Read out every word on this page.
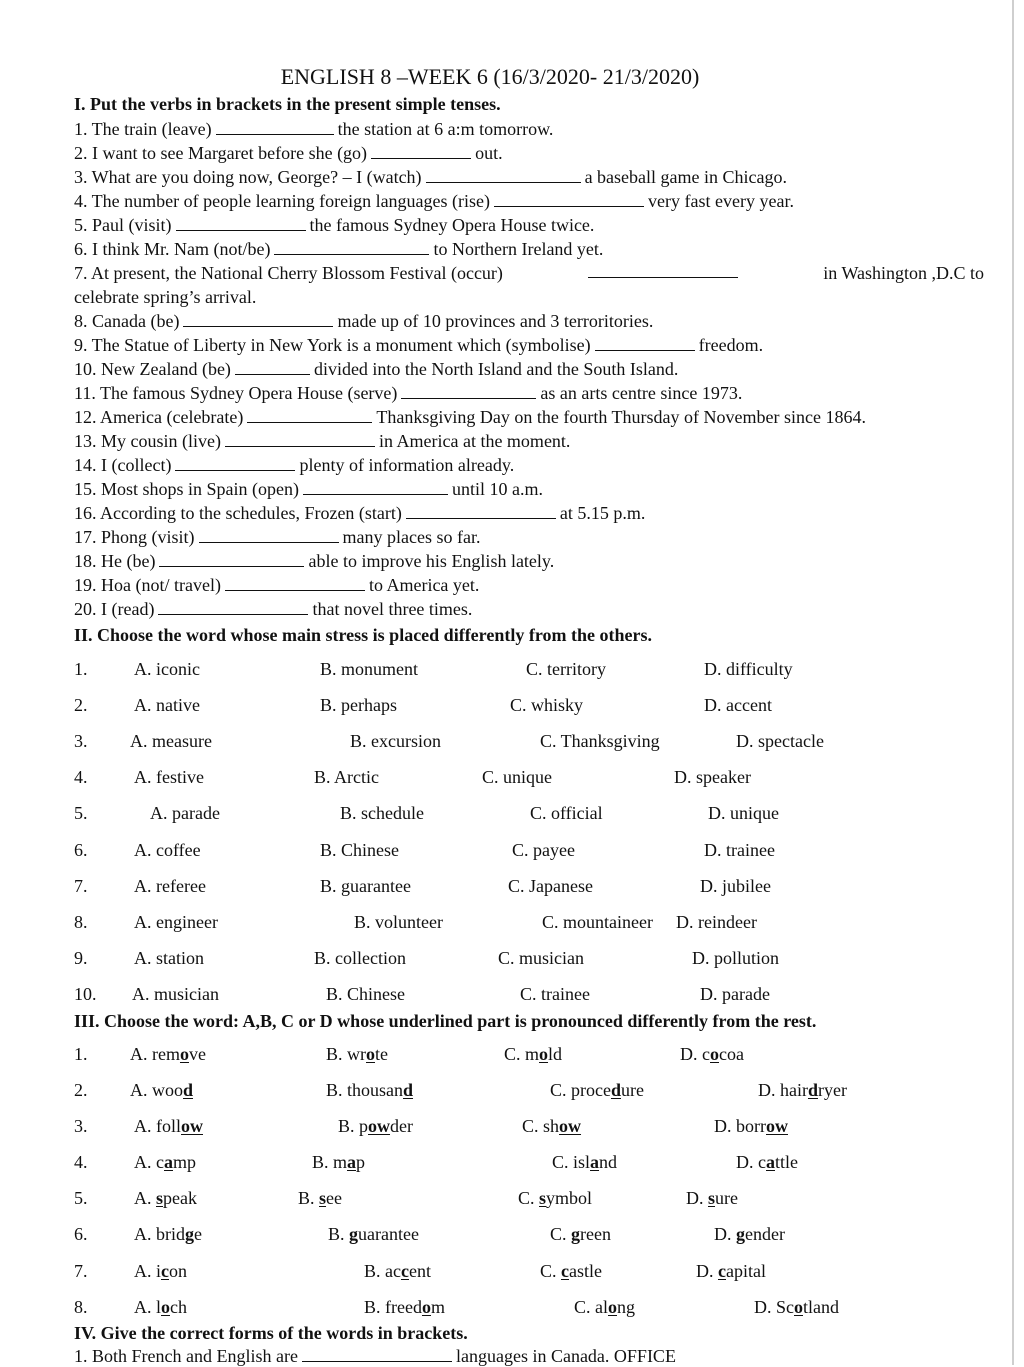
ENGLISH 8 –WEEK 6 (16/3/2020- 21/3/2020)
I. Put the verbs in brackets in the present simple tenses.
1. The train (leave)	the station at 6 a:m tomorrow.
2. I want to see Margaret before she (go)	out.
3. What are you doing now, George? – I (watch)	a baseball game in Chicago.
4. The number of people learning foreign languages (rise)	very fast every year.
5. Paul (visit)	the famous Sydney Opera House twice.
6. I think Mr. Nam (not/be)	to Northern Ireland yet.
7. At present, the National Cherry Blossom Festival (occur)	in Washington ,D.C to
celebrate spring’s arrival.
8. Canada (be)	made up of 10 provinces and 3 terroritories.
9. The Statue of Liberty in New York is a monument which (symbolise)	freedom.
10. New Zealand (be)	divided into the North Island and the South Island.
11. The famous Sydney Opera House (serve)	as an arts centre since 1973.
12. America (celebrate)	Thanksgiving Day on the fourth Thursday of November since 1864.
13. My cousin (live)	in America at the moment.
14. I (collect)	plenty of information already.
15. Most shops in Spain (open)	until 10 a.m.
16. According to the schedules, Frozen (start)	at 5.15 p.m.
17. Phong (visit)	many places so far.
18. He (be)	able to improve his English lately.
19. Hoa (not/ travel)	to America yet.
20. I (read)	that novel three times.
II. Choose the word whose main stress is placed differently from the others.
1.	A. iconic	B. monument	C. territory	D. difficulty
2.	A. native	B. perhaps	C. whisky	D. accent
3. A. measure	B. excursion	C. Thanksgiving	D. spectacle
4.	A. festive	B. Arctic	C. unique	D. speaker
5.	A. parade	B. schedule	C. official	D. unique
6.	A. coffee	B. Chinese	C. payee	D. trainee
7.	A. referee	B. guarantee	C. Japanese	D. jubilee
8.	A. engineer	B. volunteer	C. mountaineer D. reindeer
9.	A. station	B. collection	C. musician	D. pollution
10. A. musician	B. Chinese	C. trainee	D. parade
III. Choose the word: A,B, C or D whose underlined part is pronounced differently from the rest.
1. A. remove	B. wrote	C. mold	D. cocoa
2. A. wood	B. thousand	C. procedure	D. hairdryer
3.	A. follow	B. powder	C. show	D. borrow
4.	A. camp	B. map	C. island	D. cattle
5.	A. speak	B. see	C. symbol	D. sure
6.	A. bridge	B. guarantee	C. green	D. gender
7.	A. icon	B. accent	C. castle	D. capital
8.	A. loch	B. freedom	C. along	D. Scotland
IV. Give the correct forms of the words in brackets.
1. Both French and English are	languages in Canada. OFFICE
